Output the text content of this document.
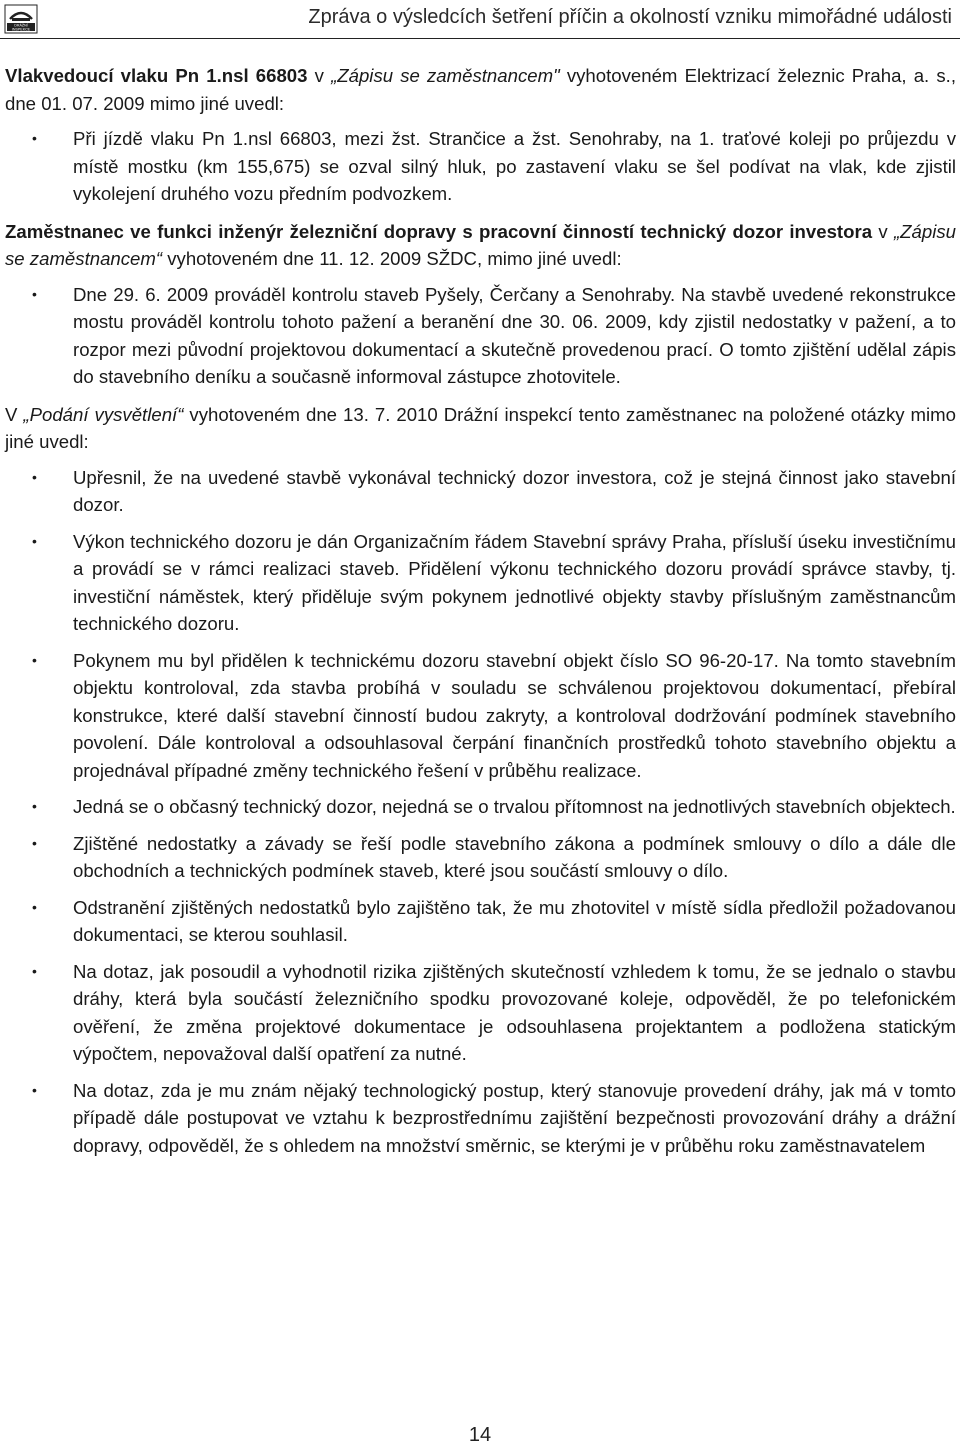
DRÁŽNÍ
INSPEKCE
Zpráva o výsledcích šetření příčin a okolností vzniku mimořádné události

Vlakvedoucí vlaku Pn 1.nsl 66803 v „Zápisu se zaměstnancem" vyhotoveném Elektrizací železnic Praha, a. s., dne 01. 07. 2009 mimo jiné uvedl:

• Při jízdě vlaku Pn 1.nsl 66803, mezi žst. Strančice a žst. Senohraby, na 1. traťové koleji po průjezdu v místě mostku (km 155,675) se ozval silný hluk, po zastavení vlaku se šel podívat na vlak, kde zjistil vykolejení druhého vozu předním podvozkem.

Zaměstnanec ve funkci inženýr železniční dopravy s pracovní činností technický dozor investora v „Zápisu se zaměstnancem“ vyhotoveném dne 11. 12. 2009 SŽDC, mimo jiné uvedl:

• Dne 29. 6. 2009 prováděl kontrolu staveb Pyšely, Čerčany a Senohraby. Na stavbě uvedené rekonstrukce mostu prováděl kontrolu tohoto pažení a beranění dne 30. 06. 2009, kdy zjistil nedostatky v pažení, a to rozpor mezi původní projektovou dokumentací a skutečně provedenou prací. O tomto zjištění udělal zápis do stavebního deníku a současně informoval zástupce zhotovitele.

V „Podání vysvětlení“ vyhotoveném dne 13. 7. 2010 Drážní inspekcí tento zaměstnanec na položené otázky mimo jiné uvedl:

• Upřesnil, že na uvedené stavbě vykonával technický dozor investora, což je stejná činnost jako stavební dozor.
• Výkon technického dozoru je dán Organizačním řádem Stavební správy Praha, přísluší úseku investičnímu a provádí se v rámci realizaci staveb. Přidělení výkonu technického dozoru provádí správce stavby, tj. investiční náměstek, který přiděluje svým pokynem jednotlivé objekty stavby příslušným zaměstnancům technického dozoru.
• Pokynem mu byl přidělen k technickému dozoru stavební objekt číslo SO 96-20-17. Na tomto stavebním objektu kontroloval, zda stavba probíhá v souladu se schválenou projektovou dokumentací, přebíral konstrukce, které další stavební činností budou zakryty, a kontroloval dodržování podmínek stavebního povolení. Dále kontroloval a odsouhlasoval čerpání finančních prostředků tohoto stavebního objektu a projednával případné změny technického řešení v průběhu realizace.
• Jedná se o občasný technický dozor, nejedná se o trvalou přítomnost na jednotlivých stavebních objektech.
• Zjištěné nedostatky a závady se řeší podle stavebního zákona a podmínek smlouvy o dílo a dále dle obchodních a technických podmínek staveb, které jsou součástí smlouvy o dílo.
• Odstranění zjištěných nedostatků bylo zajištěno tak, že mu zhotovitel v místě sídla předložil požadovanou dokumentaci, se kterou souhlasil.
• Na dotaz, jak posoudil a vyhodnotil rizika zjištěných skutečností vzhledem k tomu, že se jednalo o stavbu dráhy, která byla součástí železničního spodku provozované koleje, odpověděl, že po telefonickém ověření, že změna projektové dokumentace je odsouhlasena projektantem a podložena statickým výpočtem, nepovažoval další opatření za nutné.
• Na dotaz, zda je mu znám nějaký technologický postup, který stanovuje provedení dráhy, jak má v tomto případě dále postupovat ve vztahu k bezprostřednímu zajištění bezpečnosti provozování dráhy a drážní dopravy, odpověděl, že s ohledem na množství směrnic, se kterými je v průběhu roku zaměstnavatelem
14
